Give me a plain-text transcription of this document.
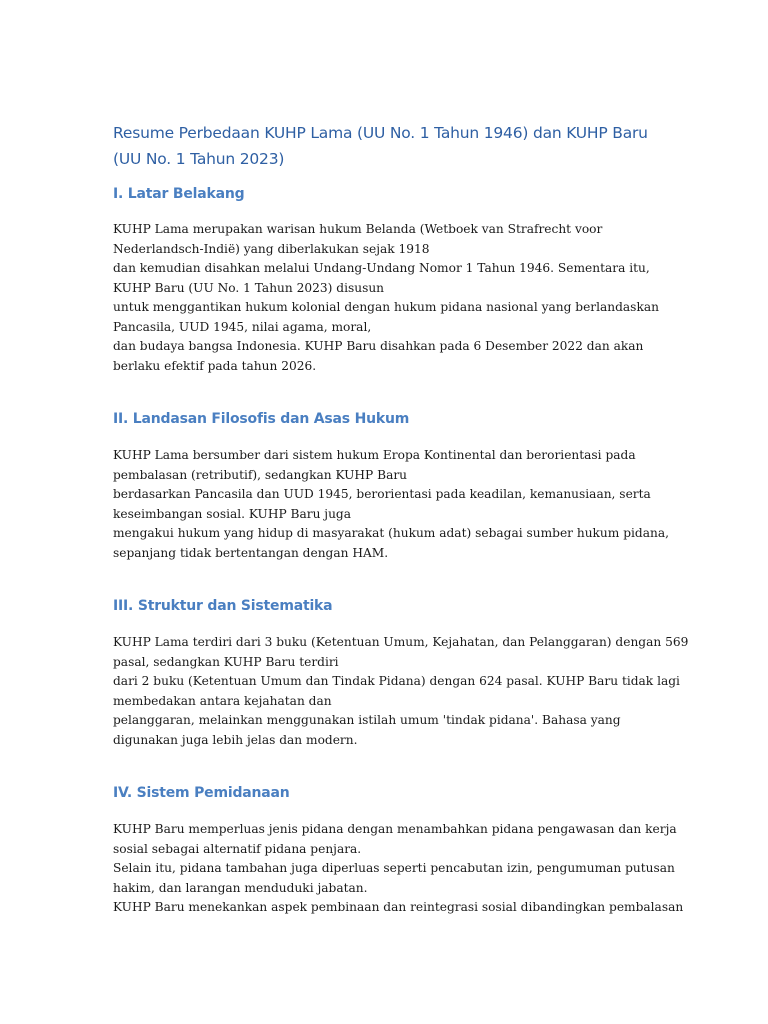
Resume Perbedaan KUHP Lama (UU No. 1 Tahun 1946) dan KUHP Baru
(UU No. 1 Tahun 2023)
I. Latar Belakang

KUHP Lama merupakan warisan hukum Belanda (Wetboek van Strafrecht voor
Nederlandsch-Indië) yang diberlakukan sejak 1918
dan kemudian disahkan melalui Undang-Undang Nomor 1 Tahun 1946. Sementara itu,
KUHP Baru (UU No. 1 Tahun 2023) disusun
untuk menggantikan hukum kolonial dengan hukum pidana nasional yang berlandaskan
Pancasila, UUD 1945, nilai agama, moral,
dan budaya bangsa Indonesia. KUHP Baru disahkan pada 6 Desember 2022 dan akan
berlaku efektif pada tahun 2026.

II. Landasan Filosofis dan Asas Hukum

KUHP Lama bersumber dari sistem hukum Eropa Kontinental dan berorientasi pada
pembalasan (retributif), sedangkan KUHP Baru
berdasarkan Pancasila dan UUD 1945, berorientasi pada keadilan, kemanusiaan, serta
keseimbangan sosial. KUHP Baru juga
mengakui hukum yang hidup di masyarakat (hukum adat) sebagai sumber hukum pidana,
sepanjang tidak bertentangan dengan HAM.

III. Struktur dan Sistematika

KUHP Lama terdiri dari 3 buku (Ketentuan Umum, Kejahatan, dan Pelanggaran) dengan 569
pasal, sedangkan KUHP Baru terdiri
dari 2 buku (Ketentuan Umum dan Tindak Pidana) dengan 624 pasal. KUHP Baru tidak lagi
membedakan antara kejahatan dan
pelanggaran, melainkan menggunakan istilah umum 'tindak pidana'. Bahasa yang
digunakan juga lebih jelas dan modern.

IV. Sistem Pemidanaan

KUHP Baru memperluas jenis pidana dengan menambahkan pidana pengawasan dan kerja
sosial sebagai alternatif pidana penjara.
Selain itu, pidana tambahan juga diperluas seperti pencabutan izin, pengumuman putusan
hakim, dan larangan menduduki jabatan.
KUHP Baru menekankan aspek pembinaan dan reintegrasi sosial dibandingkan pembalasan
